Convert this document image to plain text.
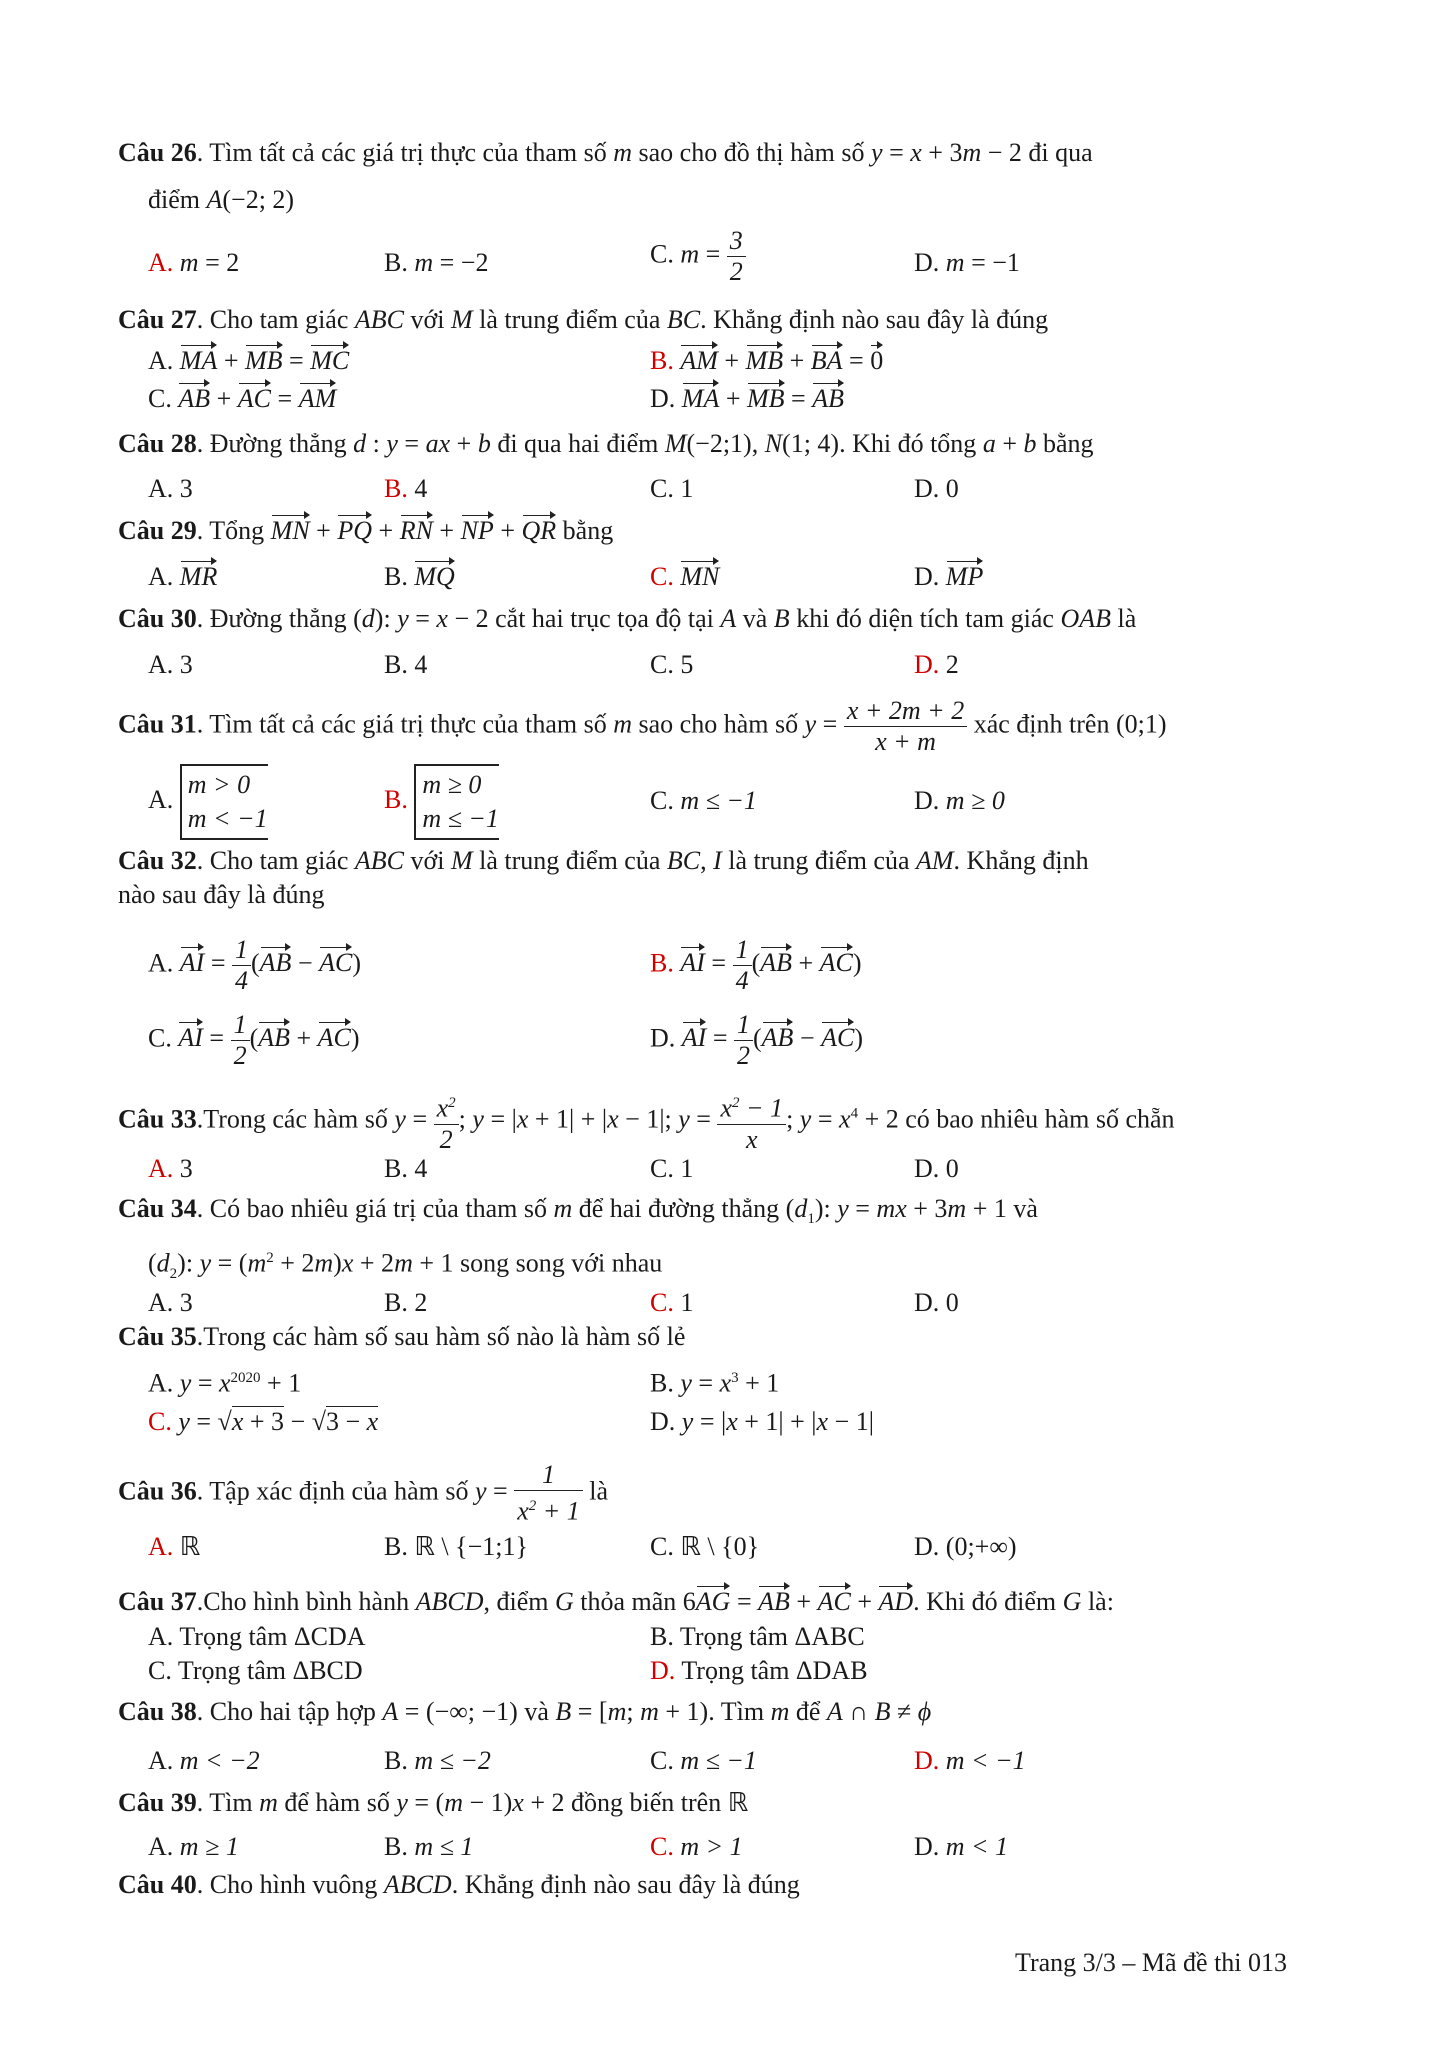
Câu 26. Tìm tất cả các giá trị thực của tham số m sao cho đồ thị hàm số y = x + 3m − 2 đi qua
điểm A(−2; 2)
A. m = 2	B. m = −2	C. $m = \frac{3}{2}$	D. m = −1
Câu 27. Cho tam giác ABC với M là trung điểm của BC. Khẳng định nào sau đây là đúng
A. MA + MB = MC	B. AM + MB + BA = 0
C. AB + AC = AM	D. MA + MB = AB
Câu 28. Đường thẳng d : y = ax + b đi qua hai điểm M(−2;1), N(1; 4). Khi đó tổng a + b bằng
A. 3	B. 4	C. 1	D. 0
Câu 29. Tổng MN + PQ + RN + NP + QR bằng
A. MR	B. MQ	C. MN	D. MP
Câu 30. Đường thẳng (d): y = x − 2 cắt hai trục tọa độ tại A và B khi đó diện tích tam giác OAB là
A. 3	B. 4	C. 5	D. 2
Câu 31. Tìm tất cả các giá trị thực của tham số m sao cho hàm số $y = \frac{x + 2m + 2}{x + m}$ xác định trên (0;1)
A. m > 0
m < −1
B. m ≥ 0
m ≤ −1
C. m ≤ −1	D. m ≥ 0
Câu 32. Cho tam giác ABC với M là trung điểm của BC, I là trung điểm của AM. Khẳng định
nào sau đây là đúng
A. AI = $\frac{1}{4} (AB - AC)$	B. AI = $\frac{1}{4} (AB + AC)$
C. AI = $\frac{1}{2} (AB + AC)$	D. AI = $\frac{1}{2} (AB - AC)$
Câu 33.Trong các hàm số $y = \frac{x^2}{2}$ ; y = |x + 1| + |x − 1|; $y = \frac{x^2 - 1}{x}$ ; $y = x^4 + 2$ có bao nhiêu hàm số chẵn
A. 3	B. 4	C. 1	D. 0
Câu 34. Có bao nhiêu giá trị của tham số m để hai đường thẳng $(d_1)$: y = mx + 3m + 1 và
$(d_2)$: $y = (m^2 + 2m)x + 2m + 1$ song song với nhau
A. 3	B. 2	C. 1	D. 0
Câu 35.Trong các hàm số sau hàm số nào là hàm số lẻ
A. $y = x^{2020} + 1$	B. $y = x^3 + 1$
C. y = √x + 3 − √3 − x	D. y = |x + 1| + |x − 1|
Câu 36. Tập xác định của hàm số $y = \frac{1}{x^2 + 1}$ là
A. ℝ	B. ℝ \ {−1;1}	C. ℝ \ {0}	D. (0;+∞)
Câu 37.Cho hình bình hành ABCD, điểm G thỏa mãn 6AG = AB + AC + AD. Khi đó điểm G là:
A. Trọng tâm ΔCDA	B. Trọng tâm ΔABC
C. Trọng tâm ΔBCD	D. Trọng tâm ΔDAB
Câu 38. Cho hai tập hợp A = (−∞; −1) và B = [m; m + 1). Tìm m để A ∩ B ≠ ϕ
A. m < −2	B. m ≤ −2	C. m ≤ −1	D. m < −1
Câu 39. Tìm m để hàm số y = (m − 1)x + 2 đồng biến trên ℝ
A. m ≥ 1	B. m ≤ 1	C. m > 1	D. m < 1
Câu 40. Cho hình vuông ABCD. Khẳng định nào sau đây là đúng
Trang 3/3 – Mã đề thi 013
